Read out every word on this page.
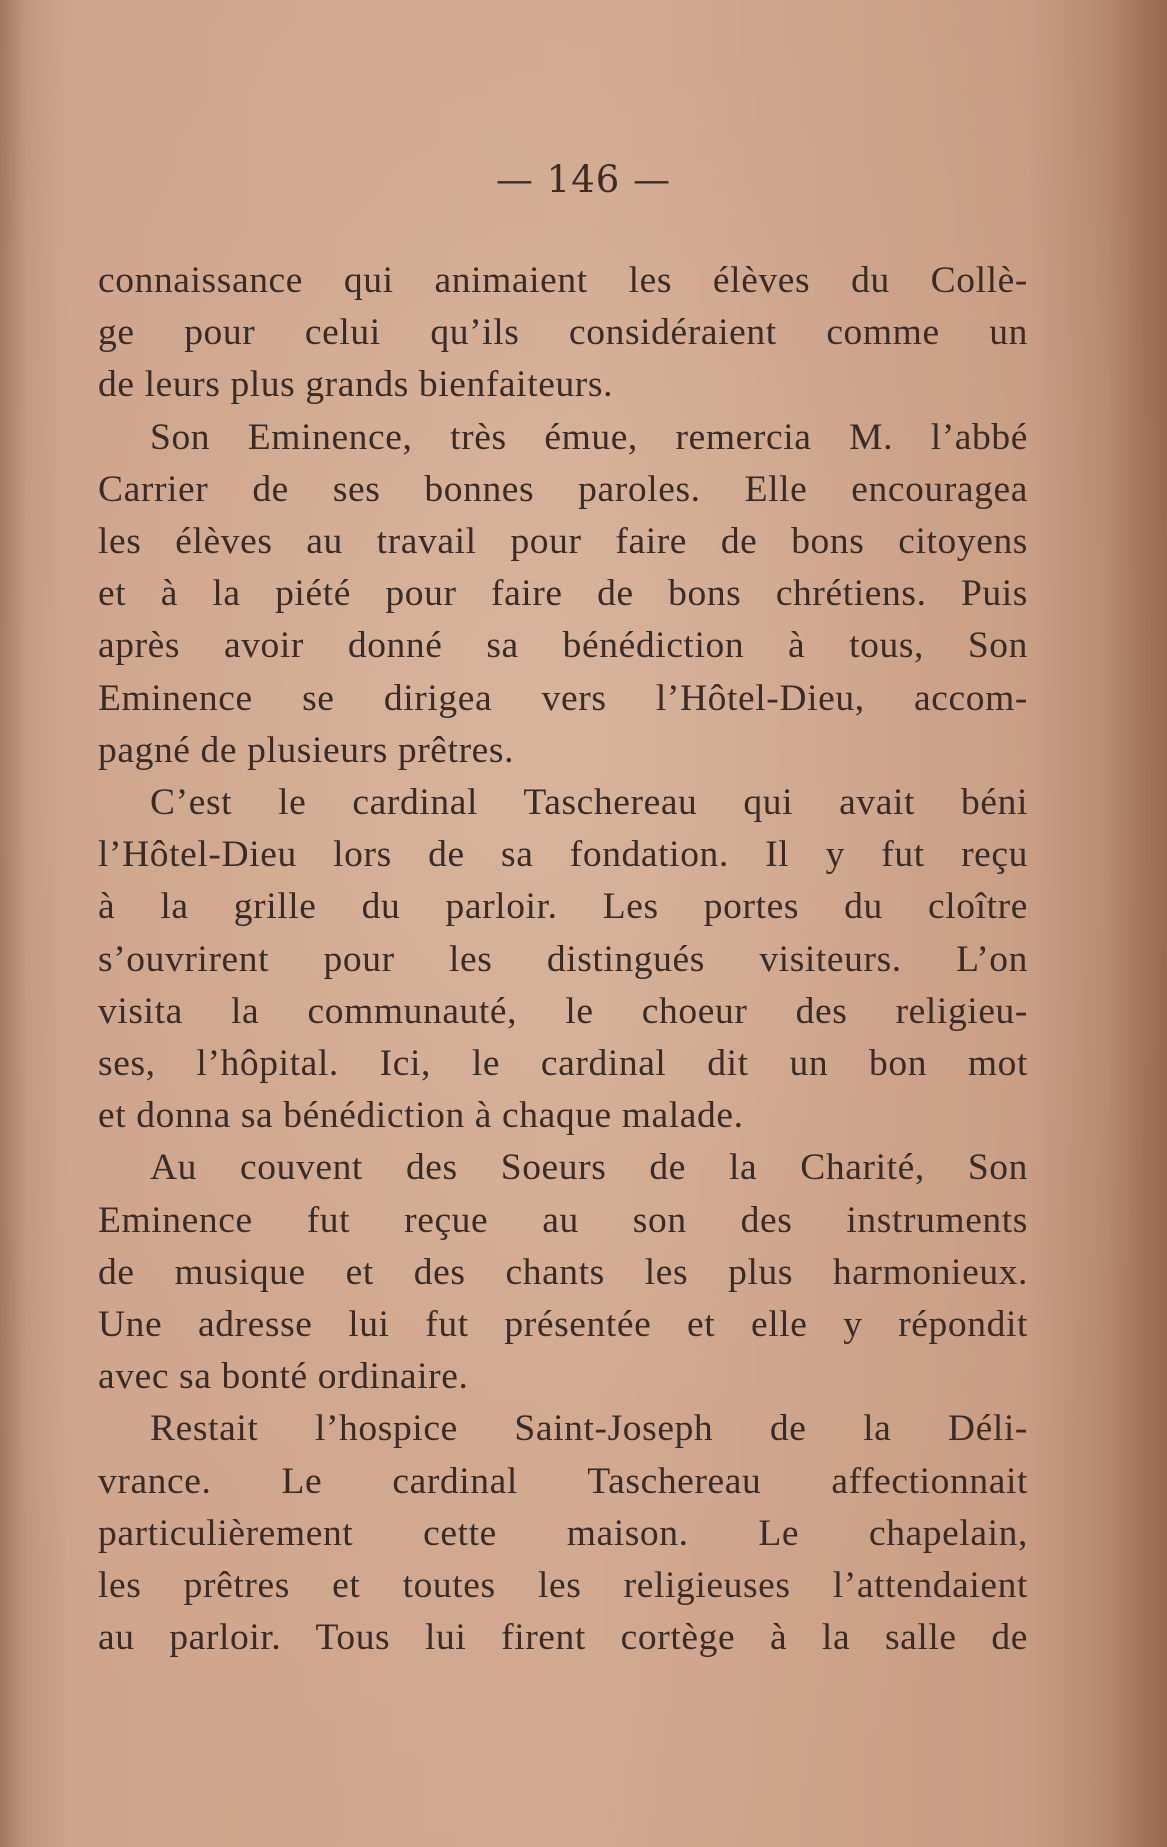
— 146 —
connaissance qui animaient les élèves du Collè-
ge pour celui qu’ils considéraient comme un
de leurs plus grands bienfaiteurs.
Son Eminence, très émue, remercia M. l’abbé
Carrier de ses bonnes paroles. Elle encouragea
les élèves au travail pour faire de bons citoyens
et à la piété pour faire de bons chrétiens. Puis
après avoir donné sa bénédiction à tous, Son
Eminence se dirigea vers l’Hôtel-Dieu, accom-
pagné de plusieurs prêtres.
C’est le cardinal Taschereau qui avait béni
l’Hôtel-Dieu lors de sa fondation. Il y fut reçu
à la grille du parloir. Les portes du cloître
s’ouvrirent pour les distingués visiteurs. L’on
visita la communauté, le choeur des religieu-
ses, l’hôpital. Ici, le cardinal dit un bon mot
et donna sa bénédiction à chaque malade.
Au couvent des Soeurs de la Charité, Son
Eminence fut reçue au son des instruments
de musique et des chants les plus harmonieux.
Une adresse lui fut présentée et elle y répondit
avec sa bonté ordinaire.
Restait l’hospice Saint-Joseph de la Déli-
vrance. Le cardinal Taschereau affectionnait
particulièrement cette maison. Le chapelain,
les prêtres et toutes les religieuses l’attendaient
au parloir. Tous lui firent cortège à la salle de
